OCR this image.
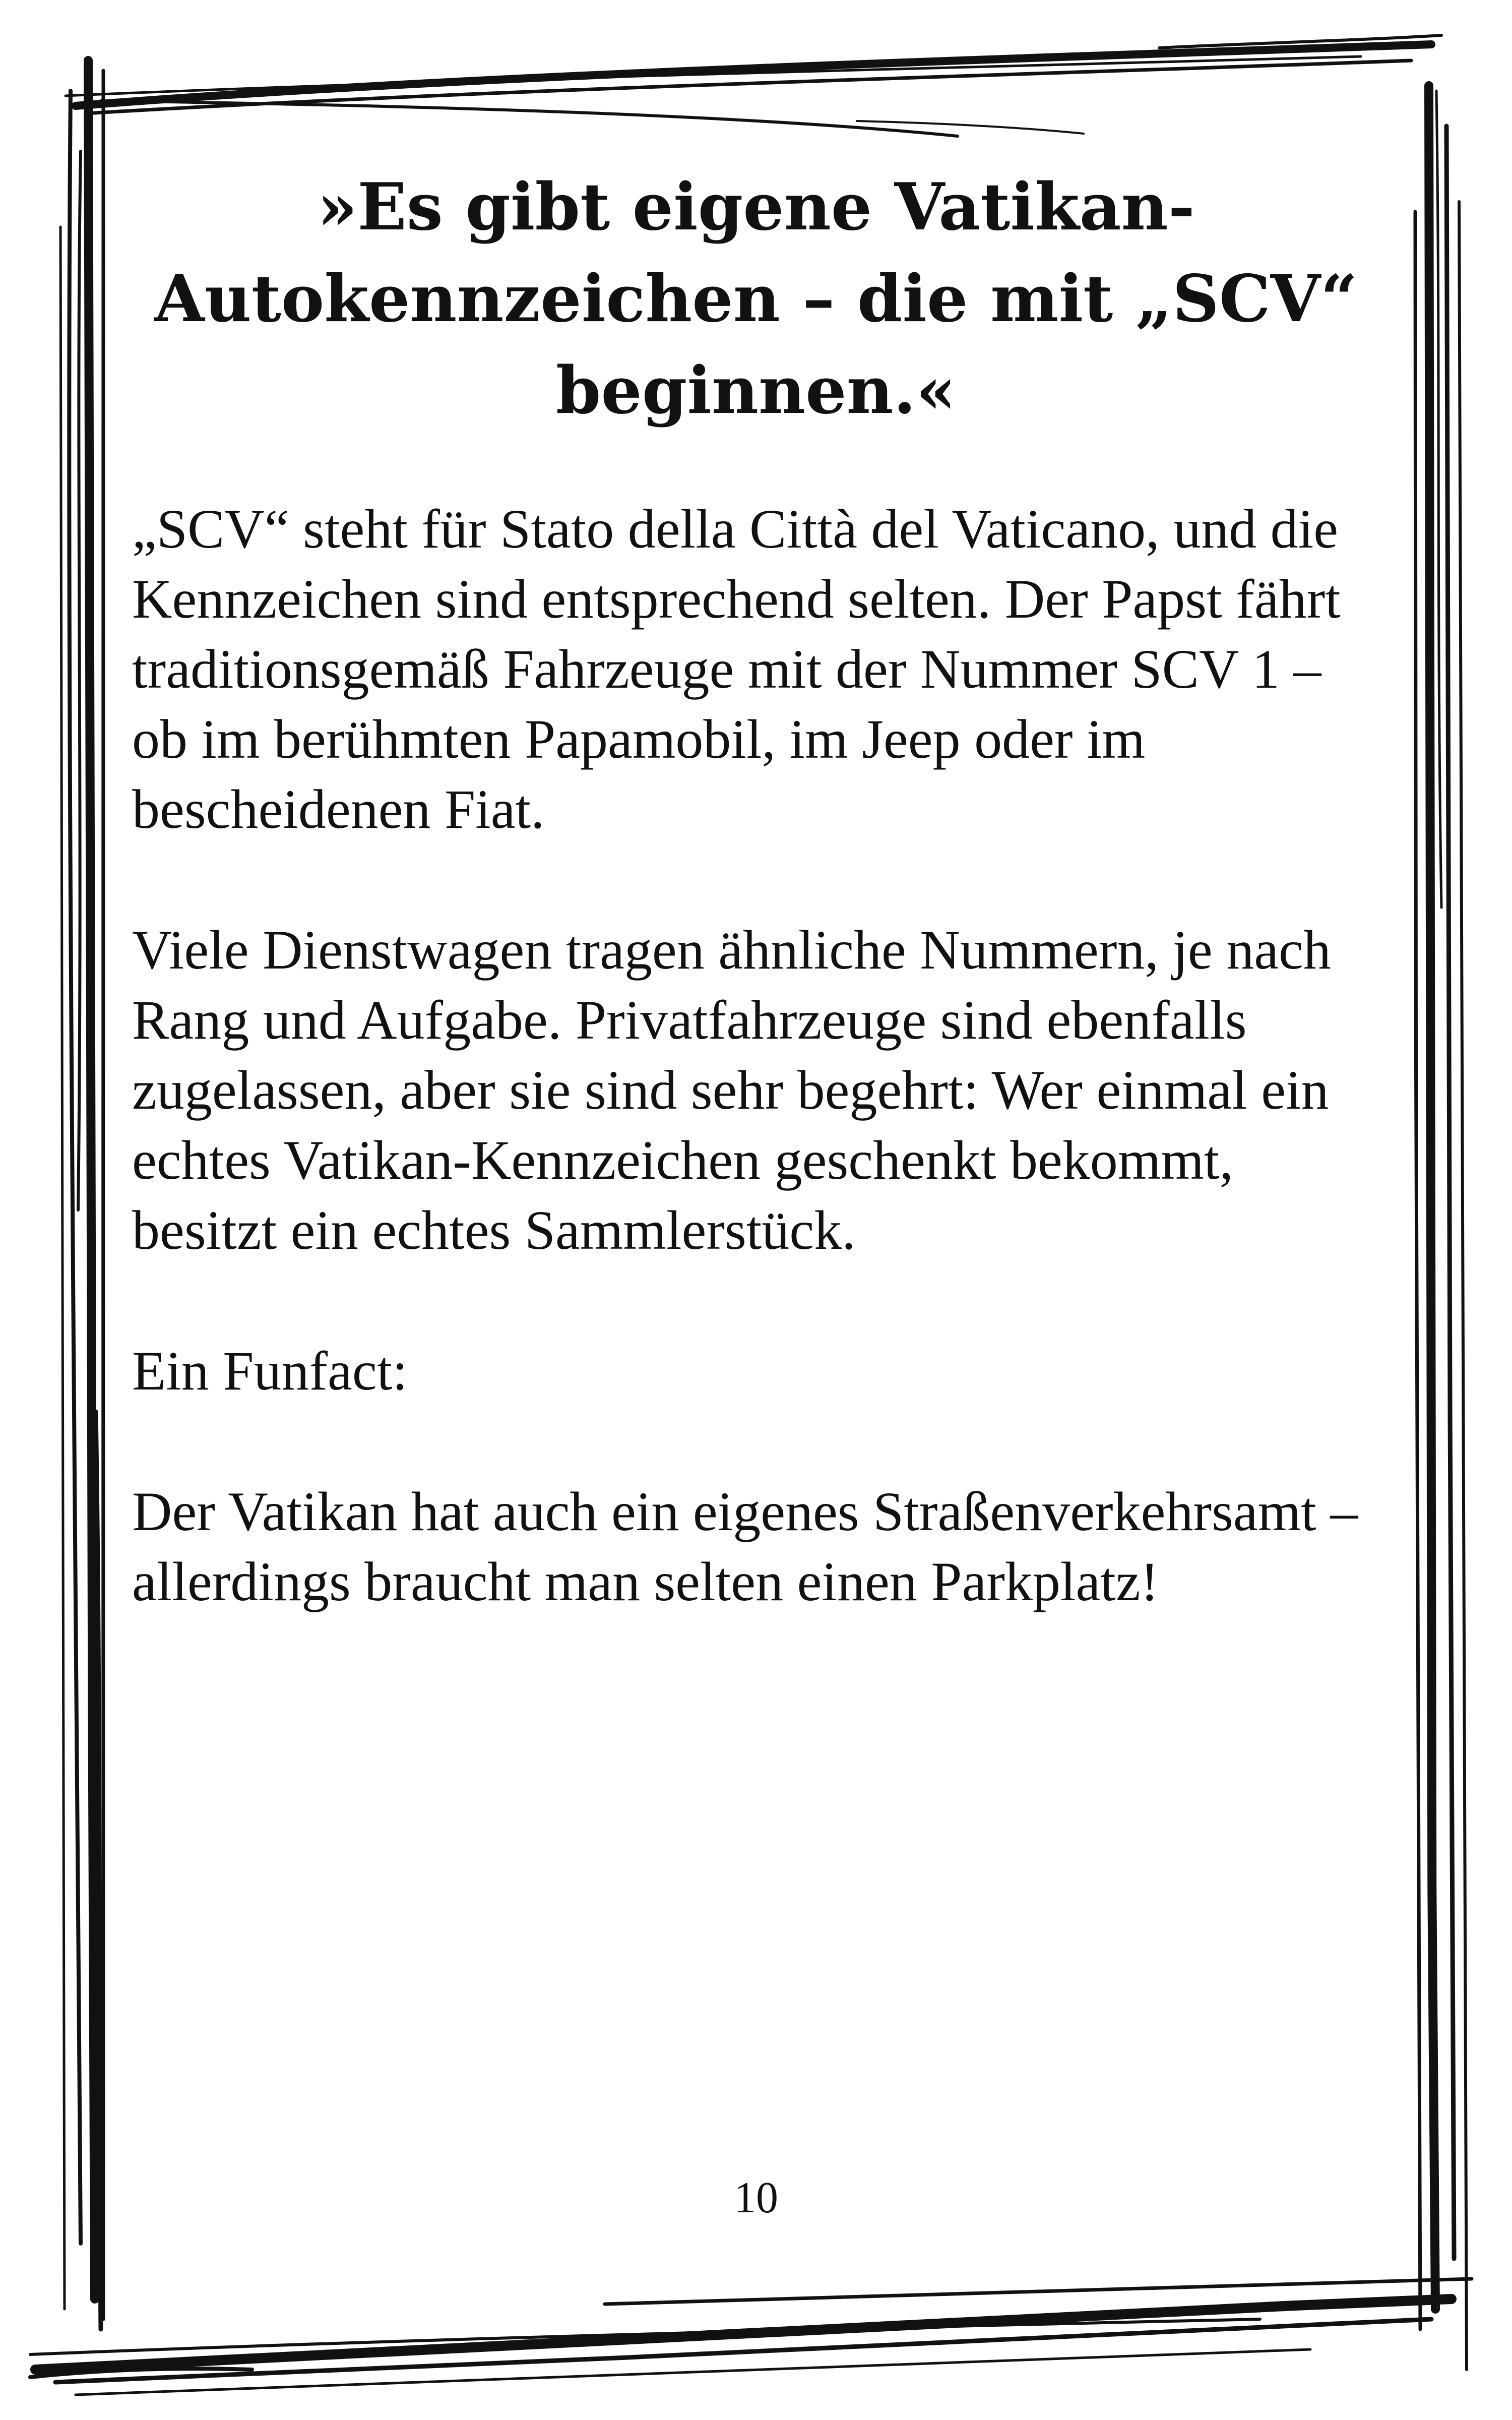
»Es gibt eigene Vatikan-Autokennzeichen – die mit „SCV“ beginnen.«

„SCV“ steht für Stato della Città del Vaticano, und die Kennzeichen sind entsprechend selten. Der Papst fährt traditionsgemäß Fahrzeuge mit der Nummer SCV 1 – ob im berühmten Papamobil, im Jeep oder im bescheidenen Fiat.

Viele Dienstwagen tragen ähnliche Nummern, je nach Rang und Aufgabe. Privatfahrzeuge sind ebenfalls zugelassen, aber sie sind sehr begehrt: Wer einmal ein echtes Vatikan-Kennzeichen geschenkt bekommt, besitzt ein echtes Sammlerstück.

Ein Funfact:

Der Vatikan hat auch ein eigenes Straßenverkehrsamt – allerdings braucht man selten einen Parkplatz!

10
